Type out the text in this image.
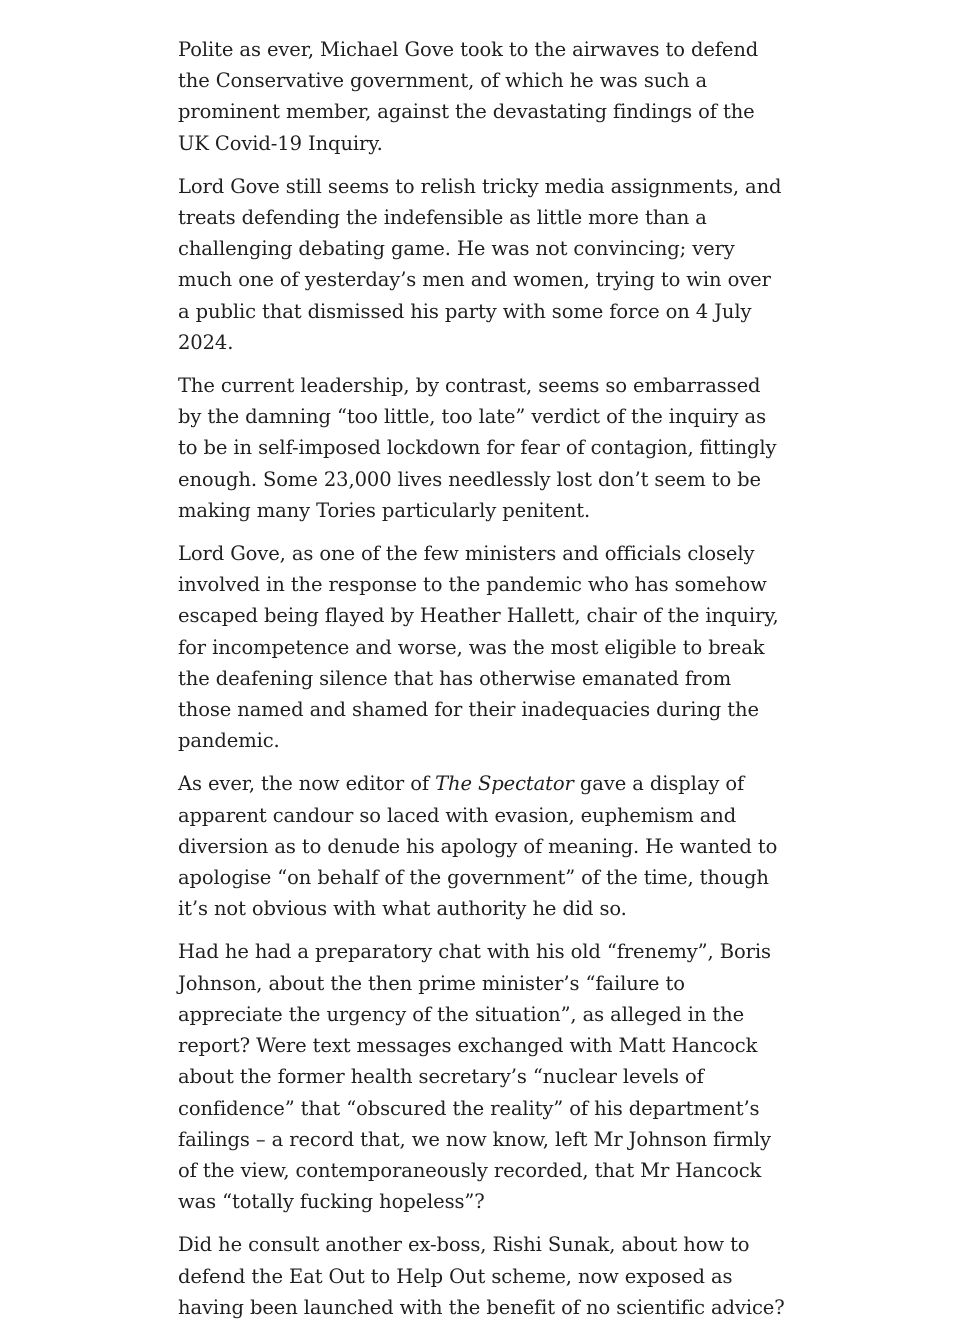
Polite as ever, Michael Gove took to the airwaves to defend the Conservative government, of which he was such a prominent member, against the devastating findings of the UK Covid-19 Inquiry.

Lord Gove still seems to relish tricky media assignments, and treats defending the indefensible as little more than a challenging debating game. He was not convincing; very much one of yesterday’s men and women, trying to win over a public that dismissed his party with some force on 4 July 2024.

The current leadership, by contrast, seems so embarrassed by the damning “too little, too late” verdict of the inquiry as to be in self-imposed lockdown for fear of contagion, fittingly enough. Some 23,000 lives needlessly lost don’t seem to be making many Tories particularly penitent.

Lord Gove, as one of the few ministers and officials closely involved in the response to the pandemic who has somehow escaped being flayed by Heather Hallett, chair of the inquiry, for incompetence and worse, was the most eligible to break the deafening silence that has otherwise emanated from those named and shamed for their inadequacies during the pandemic.

As ever, the now editor of The Spectator gave a display of apparent candour so laced with evasion, euphemism and diversion as to denude his apology of meaning. He wanted to apologise “on behalf of the government” of the time, though it’s not obvious with what authority he did so.

Had he had a preparatory chat with his old “frenemy”, Boris Johnson, about the then prime minister’s “failure to appreciate the urgency of the situation”, as alleged in the report? Were text messages exchanged with Matt Hancock about the former health secretary’s “nuclear levels of confidence” that “obscured the reality” of his department’s failings – a record that, we now know, left Mr Johnson firmly of the view, contemporaneously recorded, that Mr Hancock was “totally fucking hopeless”?

Did he consult another ex-boss, Rishi Sunak, about how to defend the Eat Out to Help Out scheme, now exposed as having been launched with the benefit of no scientific advice?
